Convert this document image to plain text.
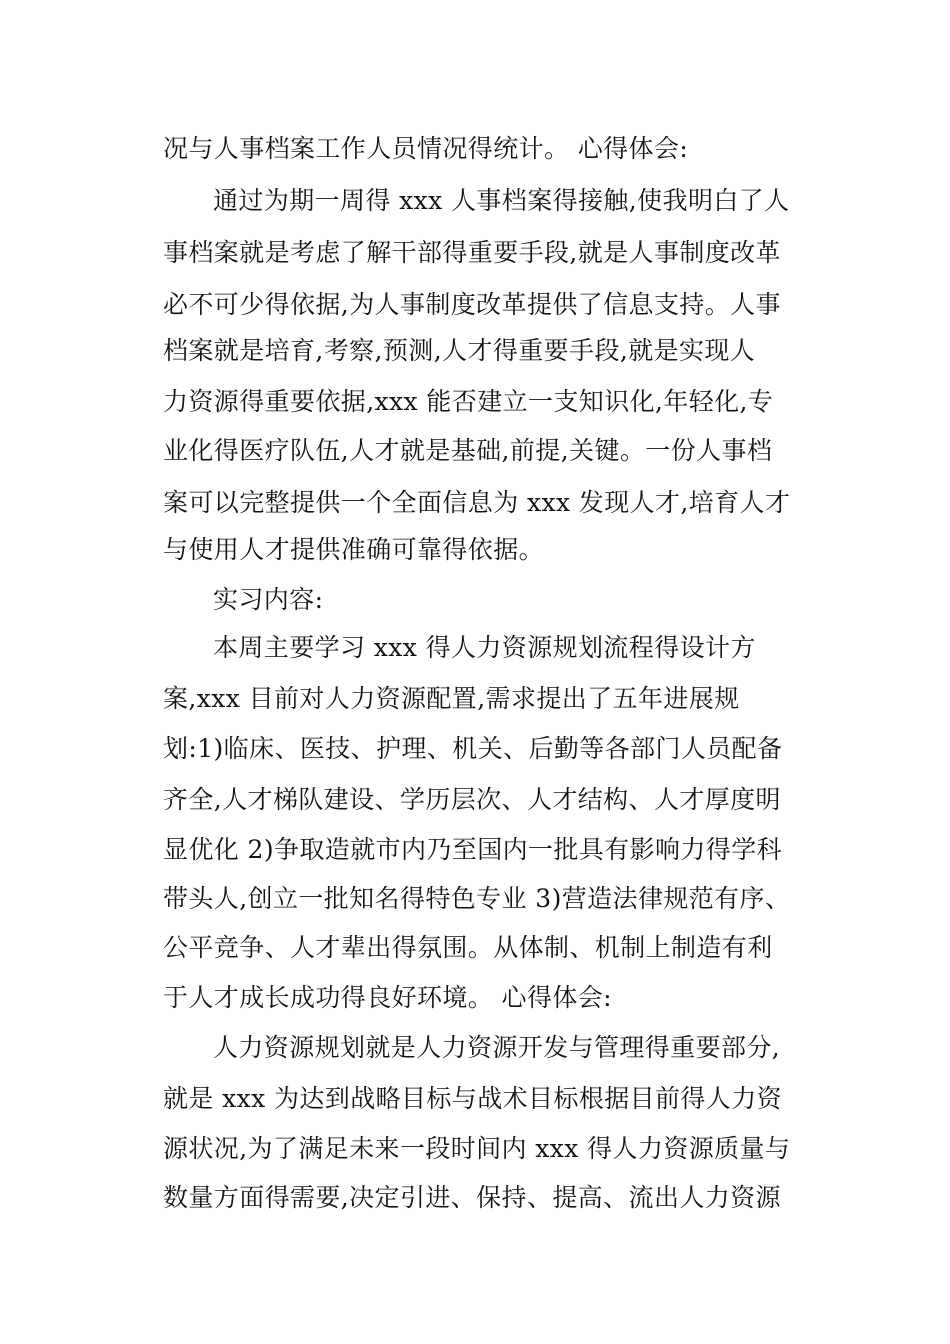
况与人事档案工作人员情况得统计。 心得体会:
通过为期一周得 xxx 人事档案得接触,使我明白了人
事档案就是考虑了解干部得重要手段,就是人事制度改革
必不可少得依据,为人事制度改革提供了信息支持。人事
档案就是培育,考察,预测,人才得重要手段,就是实现人
力资源得重要依据,xxx 能否建立一支知识化,年轻化,专
业化得医疗队伍,人才就是基础,前提,关键。一份人事档
案可以完整提供一个全面信息为 xxx 发现人才,培育人才
与使用人才提供准确可靠得依据。
实习内容:
本周主要学习 xxx 得人力资源规划流程得设计方
案,xxx 目前对人力资源配置,需求提出了五年进展规
划:1)临床、医技、护理、机关、后勤等各部门人员配备
齐全,人才梯队建设、学历层次、人才结构、人才厚度明
显优化 2)争取造就市内乃至国内一批具有影响力得学科
带头人,创立一批知名得特色专业 3)营造法律规范有序、
公平竞争、人才辈出得氛围。从体制、机制上制造有利
于人才成长成功得良好环境。 心得体会:
人力资源规划就是人力资源开发与管理得重要部分,
就是 xxx 为达到战略目标与战术目标根据目前得人力资
源状况,为了满足未来一段时间内 xxx 得人力资源质量与
数量方面得需要,决定引进、保持、提高、流出人力资源
